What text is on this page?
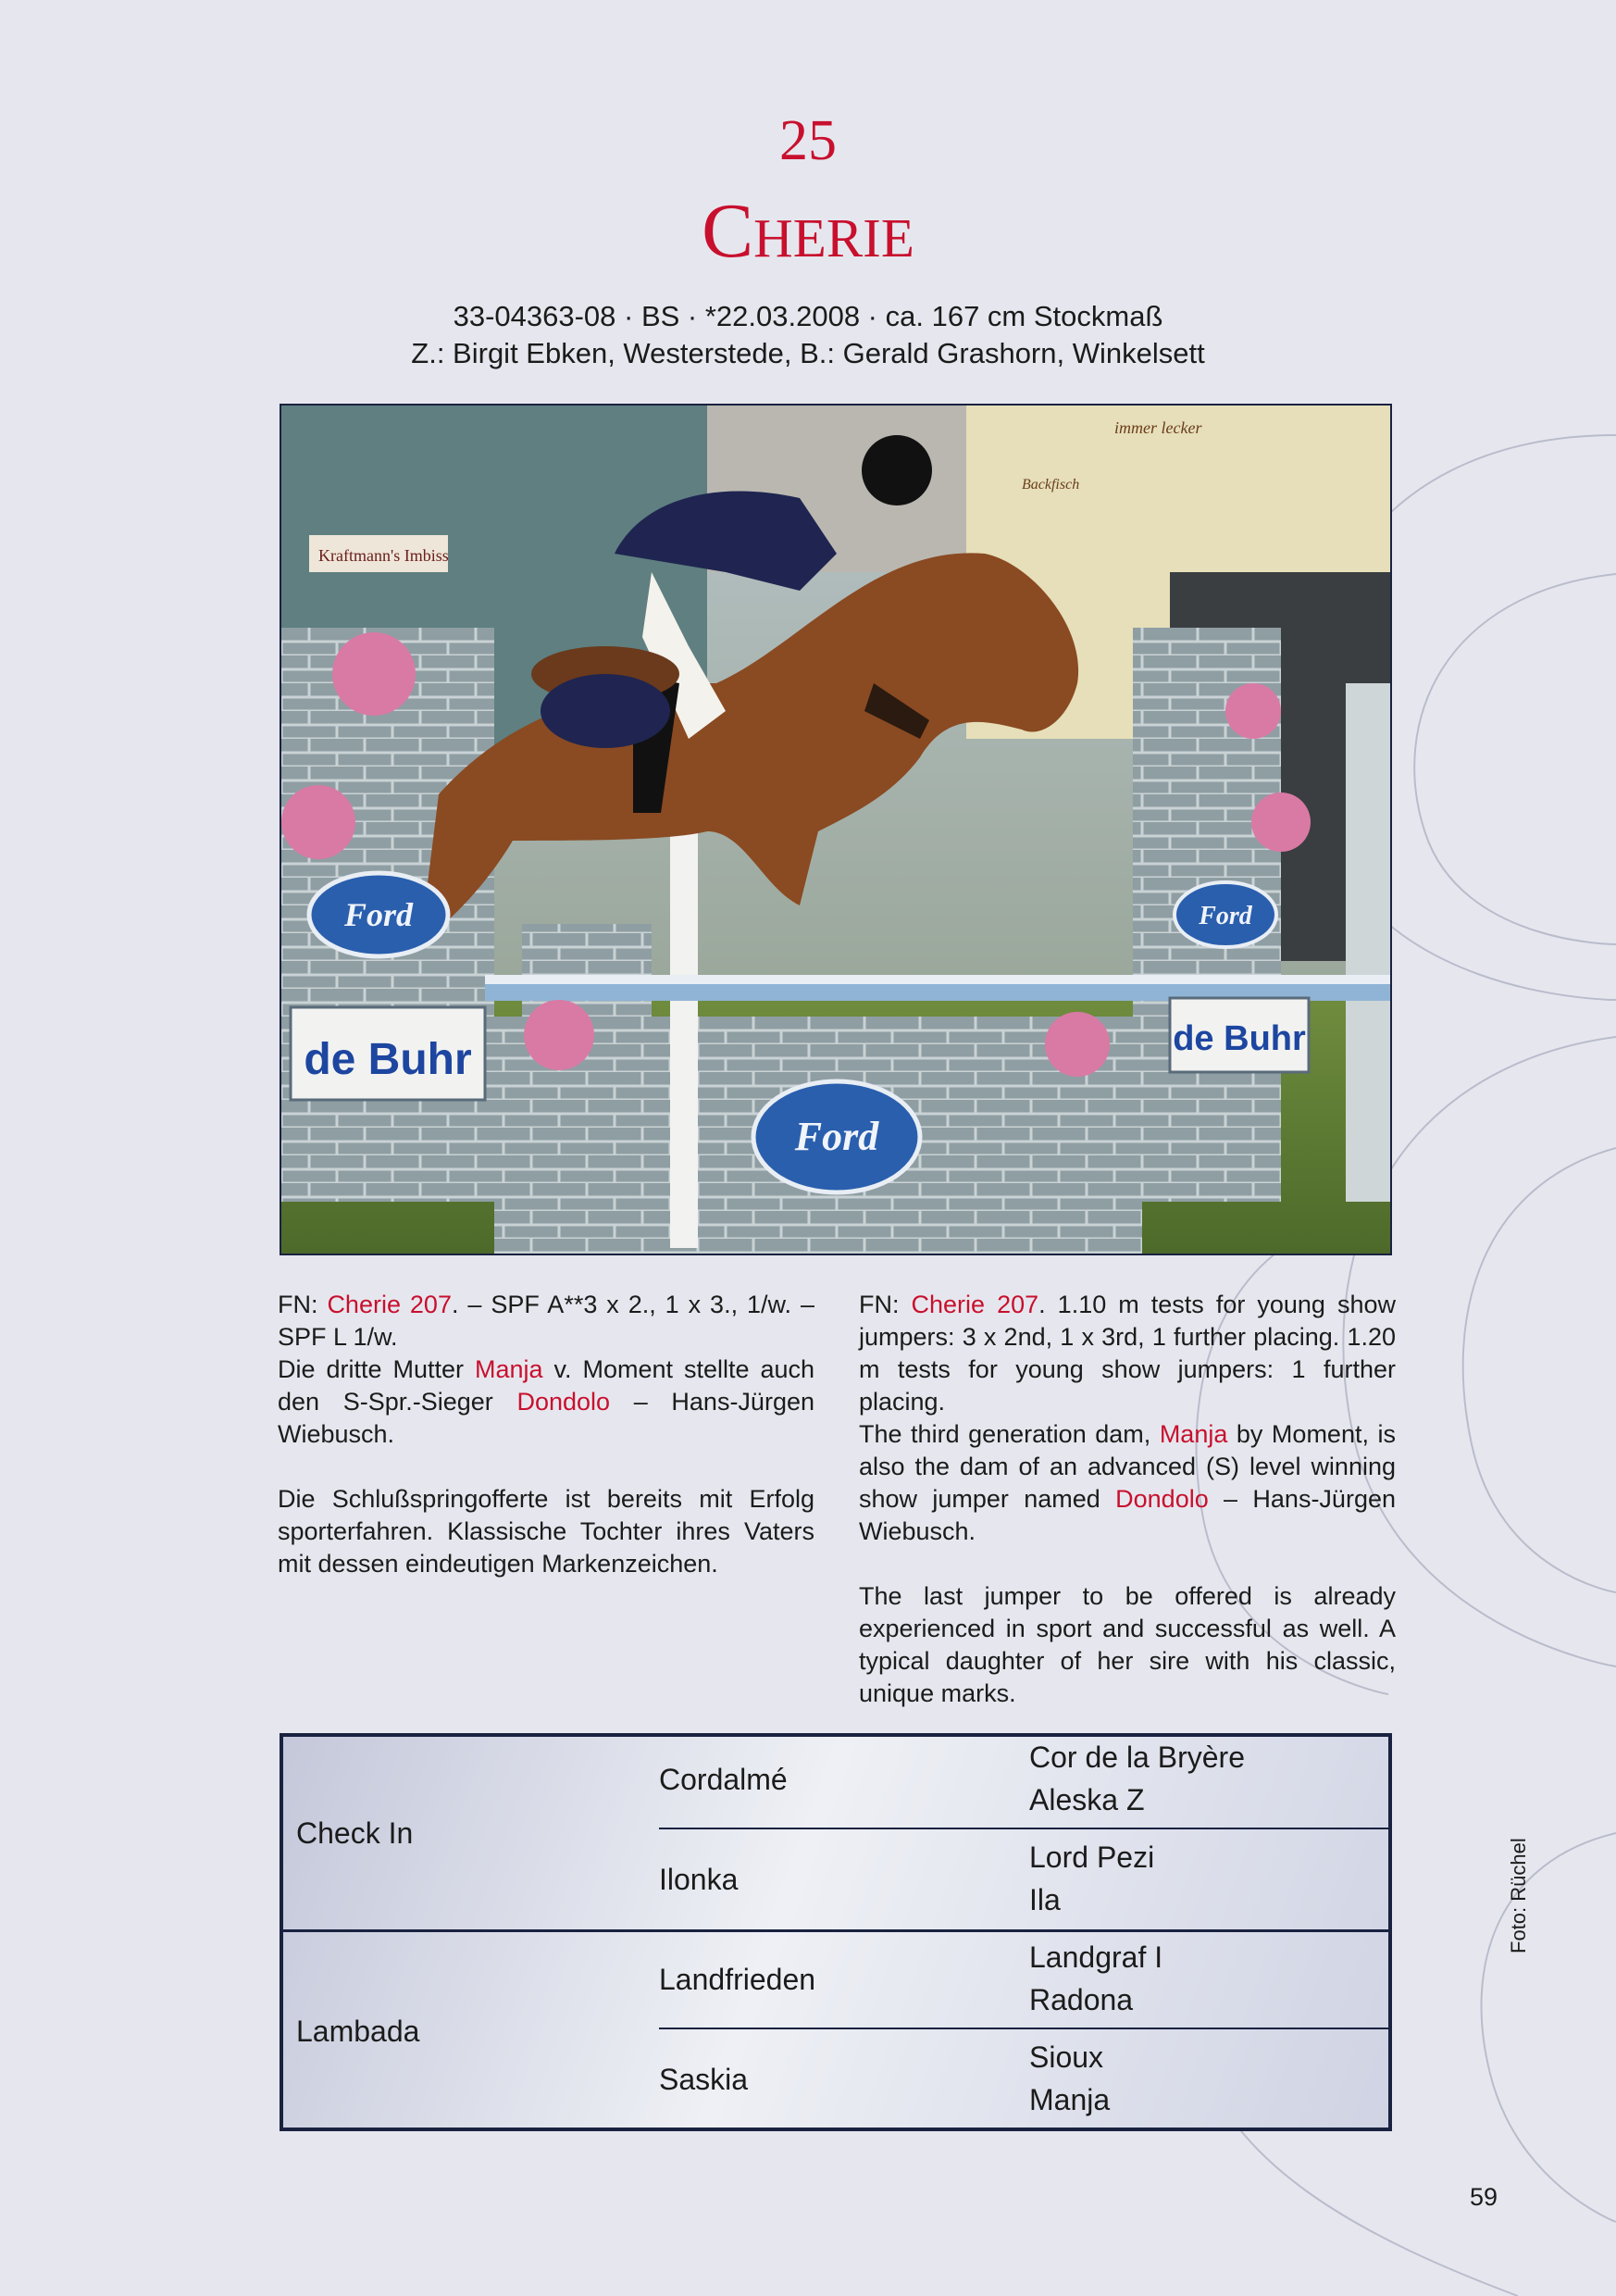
25
Cherie
33-04363-08 · BS · *22.03.2008 · ca. 167 cm Stockmaß
Z.: Birgit Ebken, Westerstede, B.: Gerald Grashorn, Winkelsett
Kraftmann's Imbiss
immer lecker
Backfisch
Ford	Ford
Ford
de Buhr	de Buhr

FN: Cherie 207. – SPF A**3 x 2., 1 x 3., 1/w. – SPF L 1/w.

Die dritte Mutter Manja v. Moment stellte auch den S-Spr.-Sieger Dondolo – Hans-Jürgen Wiebusch.

Die Schlußspringofferte ist bereits mit Erfolg sporterfahren. Klassische Tochter ihres Vaters mit dessen eindeutigen Markenzeichen.

FN: Cherie 207. 1.10 m tests for young show jumpers: 3 x 2nd, 1 x 3rd, 1 further placing. 1.20 m tests for young show jumpers: 1 further placing.

The third generation dam, Manja by Moment, is also the dam of an advanced (S) level winning show jumper named Dondolo – Hans-Jürgen Wiebusch.

The last jumper to be offered is already experienced in sport and successful as well. A typical daughter of her sire with his classic, unique marks.

Check In
Lambada
Cordalmé
Ilonka
Landfrieden
Saskia
Cor de la Bryère
Aleska Z
Lord Pezi
Ila
Landgraf I
Radona
Sioux
Manja
Foto: Rüchel
59
